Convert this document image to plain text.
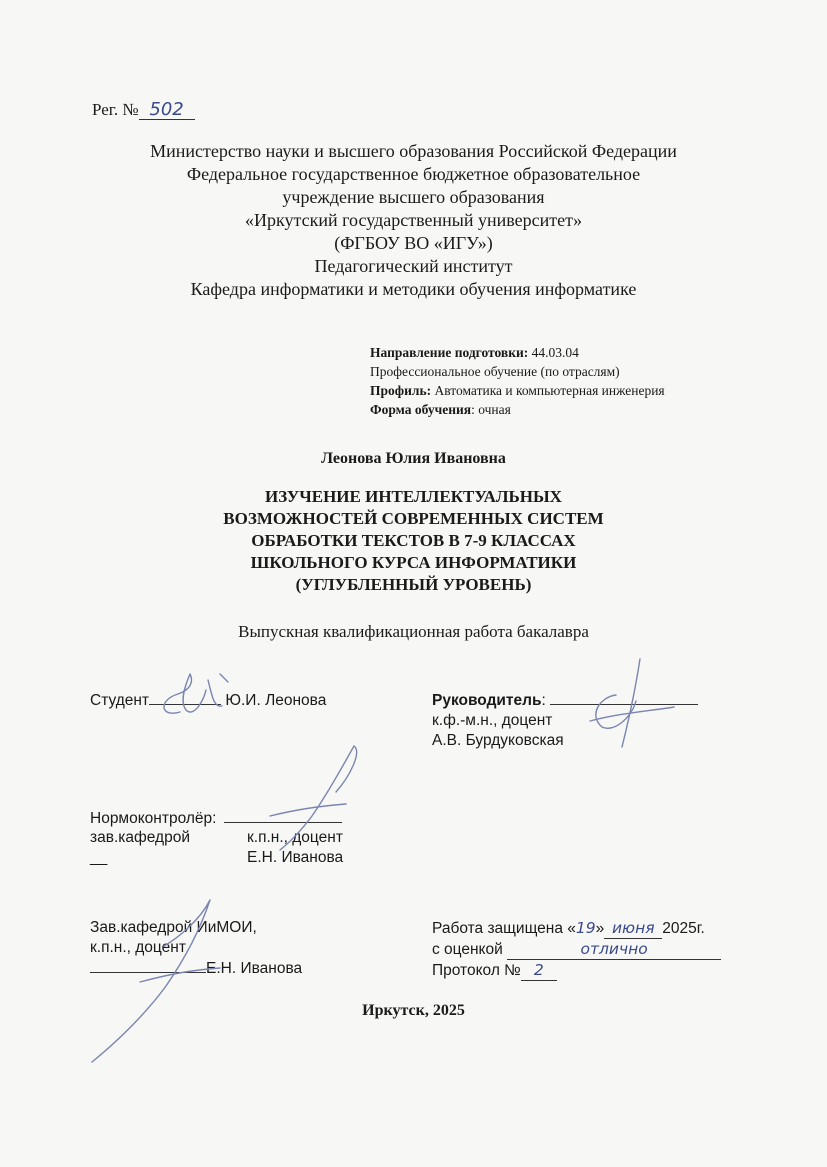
Рег. № 502
Министерство науки и высшего образования Российской Федерации
Федеральное государственное бюджетное образовательное
учреждение высшего образования
«Иркутский государственный университет»
(ФГБОУ ВО «ИГУ»)
Педагогический институт
Кафедра информатики и методики обучения информатике
Направление подготовки: 44.03.04
Профессиональное обучение (по отраслям)
Профиль: Автоматика и компьютерная инженерия
Форма обучения: очная
Леонова Юлия Ивановна
ИЗУЧЕНИЕ ИНТЕЛЛЕКТУАЛЬНЫХ
ВОЗМОЖНОСТЕЙ СОВРЕМЕННЫХ СИСТЕМ
ОБРАБОТКИ ТЕКСТОВ В 7-9 КЛАССАХ
ШКОЛЬНОГО КУРСА ИНФОРМАТИКИ
(УГЛУБЛЕННЫЙ УРОВЕНЬ)
Выпускная квалификационная работа бакалавра
Студент	Ю.И. Леонова	Руководитель:
к.ф.-м.н., доцент
А.В. Бурдуковская
Нормоконтролёр:
зав.кафедрой	к.п.н., доцент
__	Е.Н. Иванова
Зав.кафедрой ИиМОИ,
к.п.н., доцент
Е.Н. Иванова
Работа защищена «19» июня 2025г.
с оценкой	отлично
Протокол № 2
Иркутск, 2025
